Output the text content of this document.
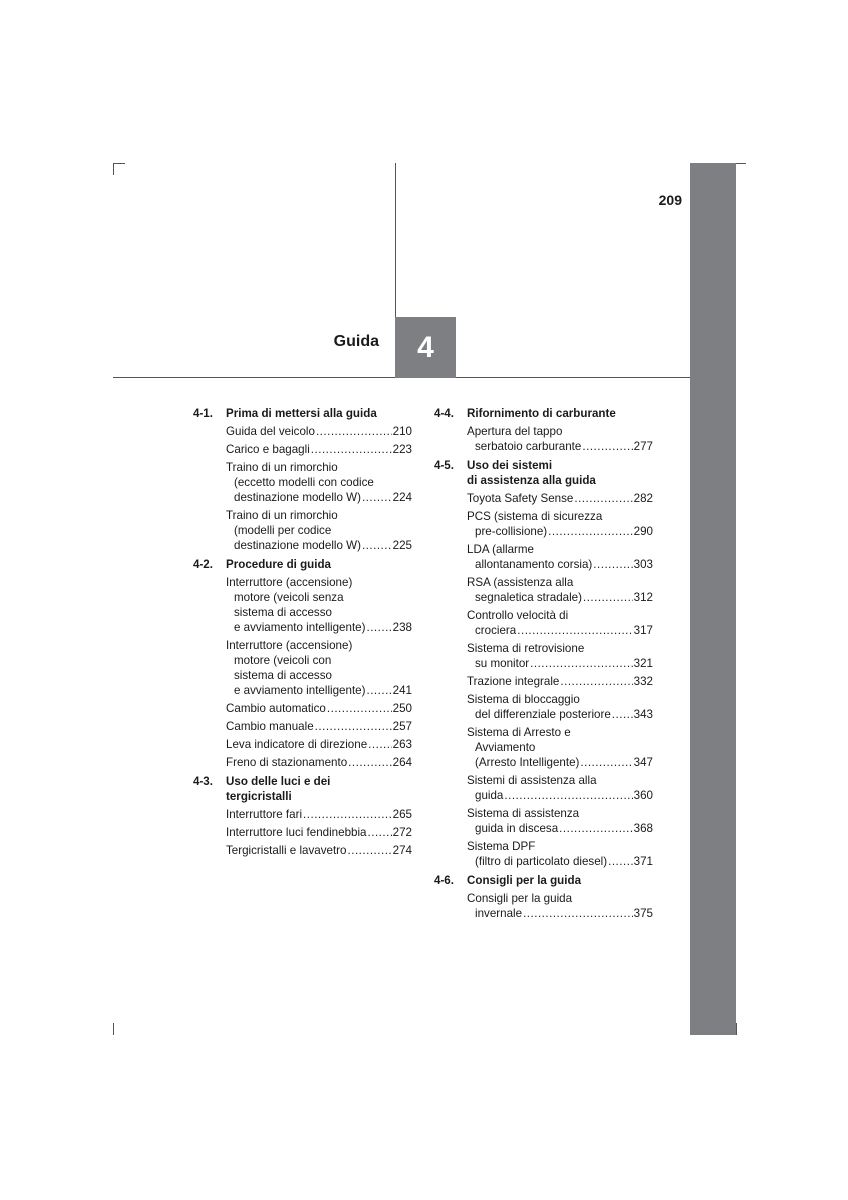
209
Guida	4
4-1.	Prima di mettersi alla guida
Guida del veicolo .....	210
Carico e bagagli .....	223
Traino di un rimorchio
(eccetto modelli con codice
destinazione modello W) .....	224
Traino di un rimorchio
(modelli per codice
destinazione modello W) .....	225
4-2.	Procedure di guida
Interruttore (accensione)
motore (veicoli senza
sistema di accesso
e avviamento intelligente) ..... 238
Interruttore (accensione)
motore (veicoli con
sistema di accesso
e avviamento intelligente) ..... 241
Cambio automatico .....	250
Cambio manuale .....	257
Leva indicatore di direzione ..... 263
Freno di stazionamento .....	264
4-3.	Uso delle luci e dei
tergicristalli
Interruttore fari .....	265
Interruttore luci fendinebbia ..... 272
Tergicristalli e lavavetro .....	274
4-4.	Rifornimento di carburante
Apertura del tappo
serbatoio carburante .....	277
4-5.	Uso dei sistemi
di assistenza alla guida
Toyota Safety Sense .....	282
PCS (sistema di sicurezza
pre-collisione) .....	290
LDA (allarme
allontanamento corsia) .....	303
RSA (assistenza alla
segnaletica stradale) .....	312
Controllo velocità di
crociera .....	317
Sistema di retrovisione
su monitor .....	321
Trazione integrale .....	332
Sistema di bloccaggio
del differenziale posteriore ..... 343
Sistema di Arresto e
Avviamento
(Arresto Intelligente) .....	347
Sistemi di assistenza alla
guida .....	360
Sistema di assistenza
guida in discesa .....	368
Sistema DPF
(filtro di particolato diesel) ..... 371
4-6.	Consigli per la guida
Consigli per la guida
invernale .....	375
